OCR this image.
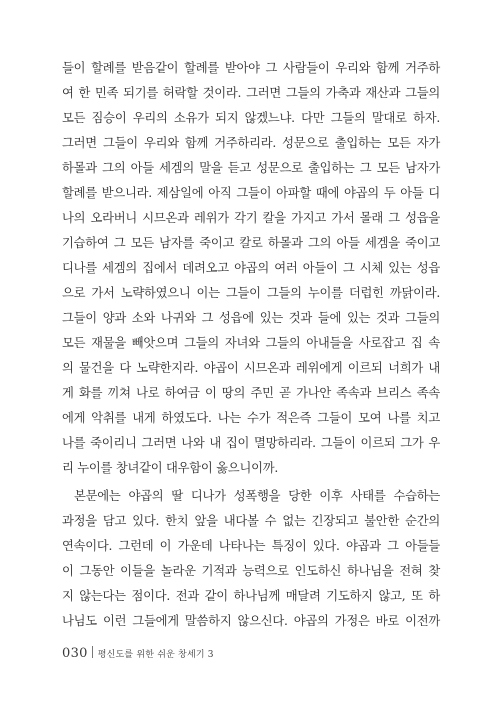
들이 할례를 받음같이 할례를 받아야 그 사람들이 우리와 함께 거주하
여 한 민족 되기를 허락할 것이라. 그러면 그들의 가축과 재산과 그들의
모든 짐승이 우리의 소유가 되지 않겠느냐. 다만 그들의 말대로 하자.
그러면 그들이 우리와 함께 거주하리라. 성문으로 출입하는 모든 자가
하몰과 그의 아들 세겜의 말을 듣고 성문으로 출입하는 그 모든 남자가
할례를 받으니라. 제삼일에 아직 그들이 아파할 때에 야곱의 두 아들 디
나의 오라버니 시므온과 레위가 각기 칼을 가지고 가서 몰래 그 성읍을
기습하여 그 모든 남자를 죽이고 칼로 하몰과 그의 아들 세겜을 죽이고
디나를 세겜의 집에서 데려오고 야곱의 여러 아들이 그 시체 있는 성읍
으로 가서 노략하였으니 이는 그들이 그들의 누이를 더럽힌 까닭이라.
그들이 양과 소와 나귀와 그 성읍에 있는 것과 들에 있는 것과 그들의
모든 재물을 빼앗으며 그들의 자녀와 그들의 아내들을 사로잡고 집 속
의 물건을 다 노략한지라. 야곱이 시므온과 레위에게 이르되 너희가 내
게 화를 끼쳐 나로 하여금 이 땅의 주민 곧 가나안 족속과 브리스 족속
에게 악취를 내게 하였도다. 나는 수가 적은즉 그들이 모여 나를 치고
나를 죽이리니 그러면 나와 내 집이 멸망하리라. 그들이 이르되 그가 우
리 누이를 창녀같이 대우함이 옳으니이까.
본문에는 야곱의 딸 디나가 성폭행을 당한 이후 사태를 수습하는
과정을 담고 있다. 한치 앞을 내다볼 수 없는 긴장되고 불안한 순간의
연속이다. 그런데 이 가운데 나타나는 특징이 있다. 야곱과 그 아들들
이 그동안 이들을 놀라운 기적과 능력으로 인도하신 하나님을 전혀 찾
지 않는다는 점이다. 전과 같이 하나님께 매달려 기도하지 않고, 또 하
나님도 이런 그들에게 말씀하지 않으신다. 야곱의 가정은 바로 이전까
030 평신도를 위한 쉬운 창세기 3
